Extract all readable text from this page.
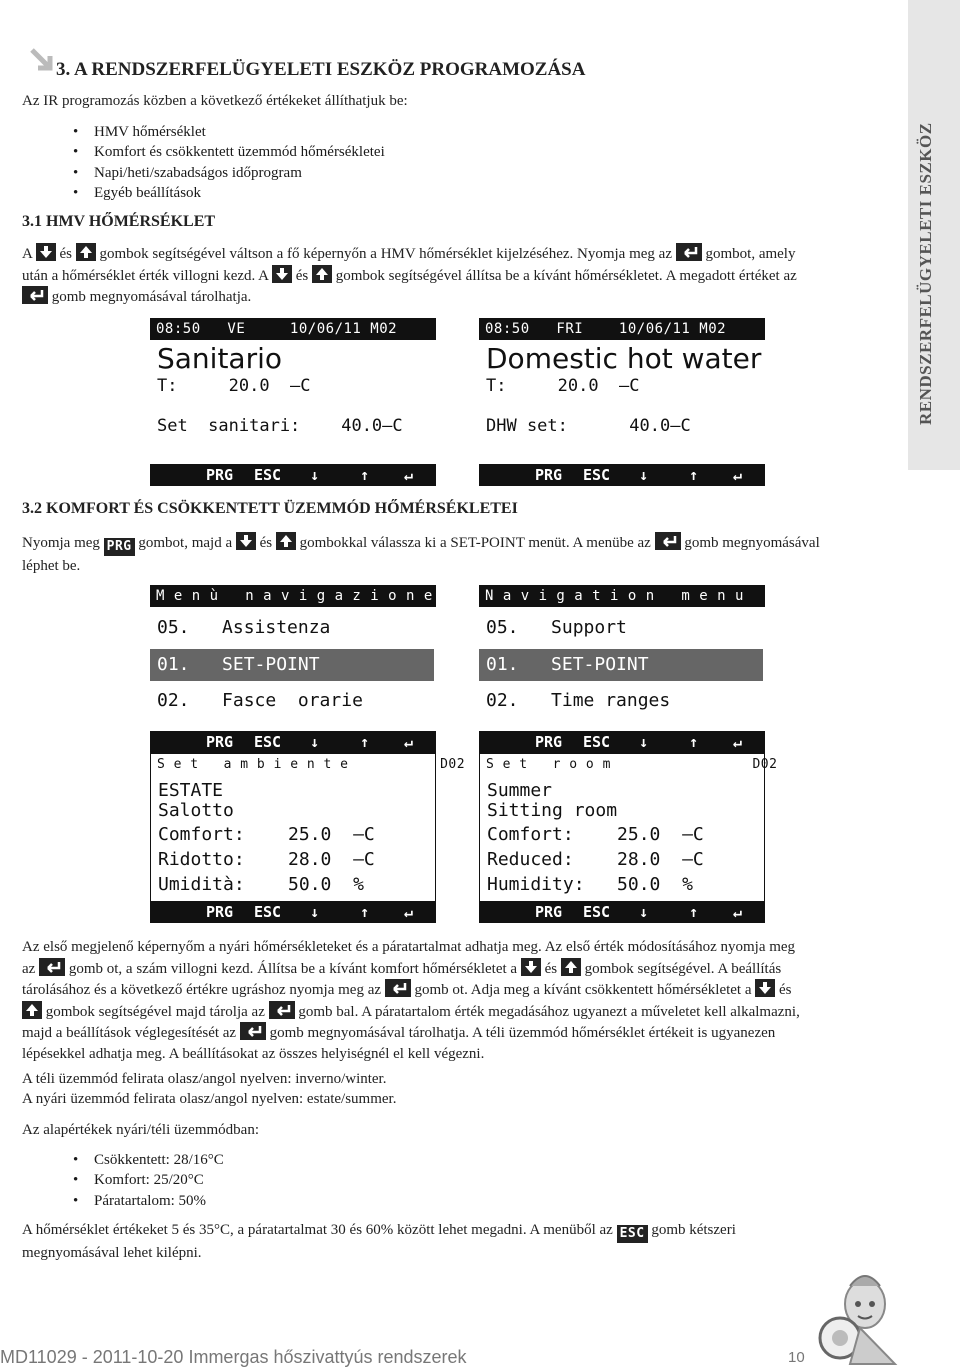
RENDSZERFELÜGYELETI ESZKÖZ
3. A RENDSZERFELÜGYELETI ESZKÖZ PROGRAMOZÁSA
Az IR programozás közben a következő értékeket állíthatjuk be:
• HMV hőmérséklet
• Komfort és csökkentett üzemmód hőmérsékletei
• Napi/heti/szabadságos időprogram
• Egyéb beállítások
3.1 HMV HŐMÉRSÉKLET
A és gombok segítségével váltson a fő képernyőn a HMV hőmérséklet kijelzéséhez. Nyomja meg az gombot, amely
után a hőmérséklet érték villogni kezd. A és gombok segítségével állítsa be a kívánt hőmérsékletet. A megadott értéket az
gomb megnyomásával tárolhatja.
08:50   VE     10/06/11 M02
Sanitario
T:     20.0  —C
Set  sanitari:    40.0—C

PRG

ESC

↓

	↑

↵

08:50   FRI    10/06/11 M02
Domestic hot water
T:     20.0  —C
DHW set:      40.0—C

PRG

ESC

↓

	↑

↵

3.2 KOMFORT ÉS CSÖKKENTETT ÜZEMMÓD HŐMÉRSÉKLETEI
Nyomja meg PRG gombot, majd a és gombokkal válassza ki a SET-POINT menüt. A menübe az gomb megnyomásával
léphet be.
M e n ù   n a v i g a z i o n e
05.   Assistenza
01.   SET-POINT
02.   Fasce  orarie

PRG

ESC

↓

	↑

↵

N a v i g a t i o n   m e n u
05.   Support
01.   SET-POINT
02.   Time ranges

PRG

ESC

↓

	↑

↵

S e t   a m b i e n t e           D02
ESTATE
Salotto
Comfort:    25.0  —C
Ridotto:    28.0  —C
Umidità:    50.0  %

PRG

ESC

↓

	↑

↵

S e t   r o o m                 D02
Summer
Sitting room
Comfort:    25.0  —C
Reduced:    28.0  —C
Humidity:   50.0  %

PRG

ESC

↓

	↑

↵

Az első megjelenő képernyőm a nyári hőmérsékleteket és a páratartalmat adhatja meg. Az első érték módosításához nyomja meg
az gomb ot, a szám villogni kezd. Állítsa be a kívánt komfort hőmérsékletet a és gombok segítségével. A beállítás
tárolásához és a következő értékre ugráshoz nyomja meg az gomb ot. Adja meg a kívánt csökkentett hőmérsékletet a és
gombok segítségével majd tárolja az gomb bal. A páratartalom érték megadásához ugyanezt a műveletet kell alkalmazni,
majd a beállítások véglegesítését az gomb megnyomásával tárolhatja. A téli üzemmód hőmérséklet értékeit is ugyanezen
lépésekkel adhatja meg. A beállításokat az összes helyiségnél el kell végezni.
A téli üzemmód felirata olasz/angol nyelven: inverno/winter.
A nyári üzemmód felirata olasz/angol nyelven: estate/summer.
Az alapértékek nyári/téli üzemmódban:
• Csökkentett: 28/16°C
• Komfort: 25/20°C
• Páratartalom: 50%
A hőmérséklet értékeket 5 és 35°C, a páratartalmat 30 és 60% között lehet megadni. A menüből az ESC gomb kétszeri
megnyomásával lehet kilépni.
MD11029 - 2011-10-20 Immergas hőszivattyús rendszerek	10
